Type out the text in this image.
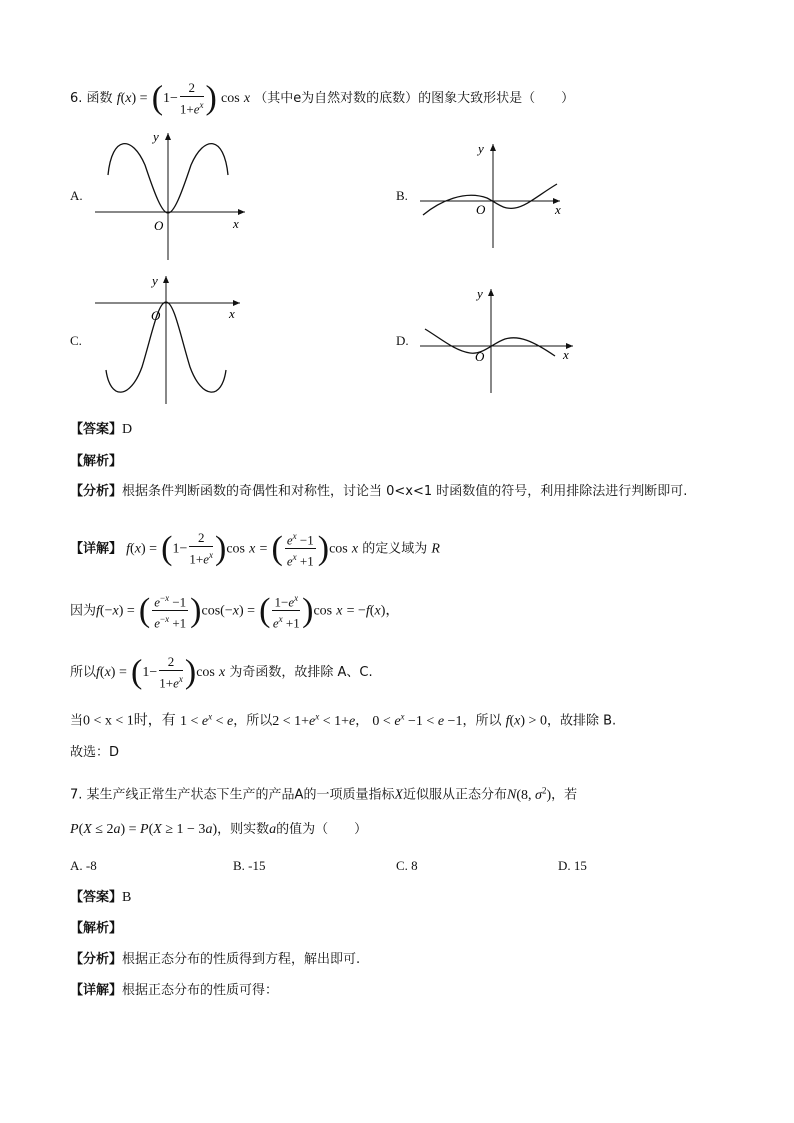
6. 函数 $f(x) = (1- \frac{2}{1+e^x}$ ) cos x （其中e为自然对数的底数）的图象大致形状是（　　）
A.
O	x
y
B.
O	x
y
C.
O	x
y
D.
O	x
y
【答案】D
【解析】
【分析】根据条件判断函数的奇偶性和对称性，讨论当 0<x<1 时函数值的符号，利用排除法进行判断即可.
【详解】 $f(x) = (1- \frac{2}{1+e^x} )\cos$ x = ( $\frac{e^x -1}{e^x +1} )\cos$ x 的定义域为 R
因为f(−x) = ( $\frac{e^{-x} -1}{e^{-x} +1} )\cos(-x)$ = ( $\frac{1-e^x}{e^x +1} )\cos$ x = −f(x)，
所以$f(x) = (1- \frac{2}{1+e^x} )\cos$ x 为奇函数，故排除 A、C.
当0 < x < 1时，有 $1 < e^x < e$，所以$2 < 1+e^x < 1+e$， $0 < e^x -1 < e -1$，所以 f(x) > 0，故排除 B.
故选：D
7. 某生产线正常生产状态下生产的产品A的一项质量指标X近似服从正态分布N(8, $\sigma^2$)，若
P(X ≤ 2a) = P(X ≥ 1 − 3a)，则实数a的值为（　　）
A. -8	B. -15	C. 8	D. 15
【答案】B
【解析】
【分析】根据正态分布的性质得到方程，解出即可.
【详解】根据正态分布的性质可得：
